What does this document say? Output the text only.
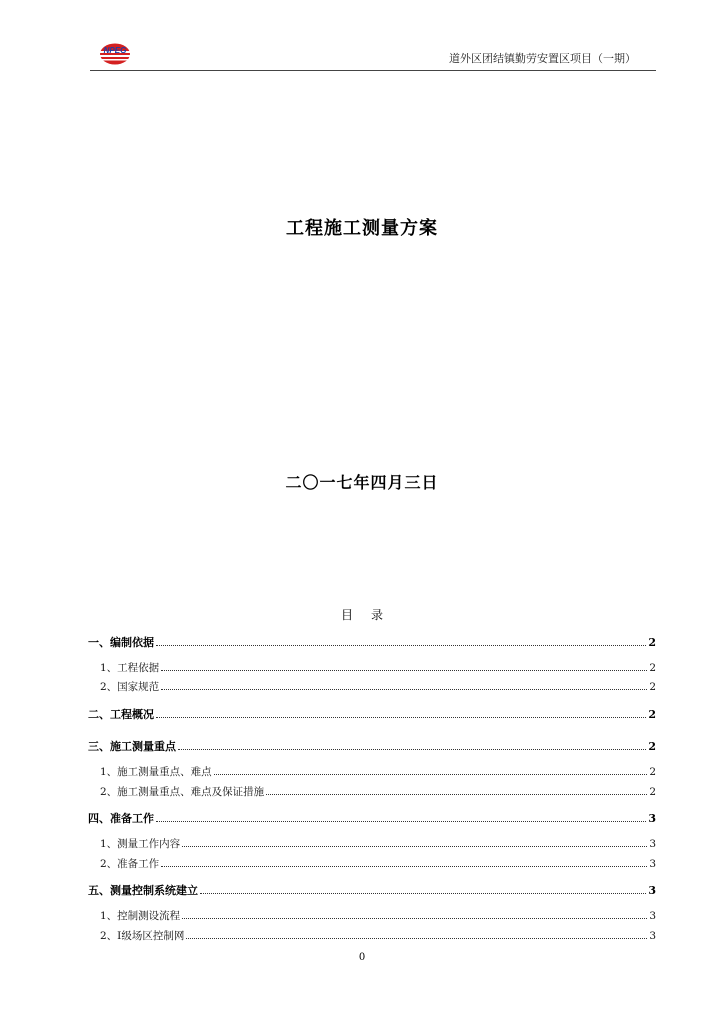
NPEG
道外区团结镇勤劳安置区项目（一期）
工程施工测量方案
二〇一七年四月三日
目录
一、编制依据	2
1、工程依据	2
2、国家规范	2
二、工程概况	2
三、施工测量重点	2
1、施工测量重点、难点	2
2、施工测量重点、难点及保证措施	2
四、准备工作	3
1、测量工作内容	3
2、准备工作	3
五、测量控制系统建立	3
1、控制测设流程	3
2、Ⅰ级场区控制网	3
0
